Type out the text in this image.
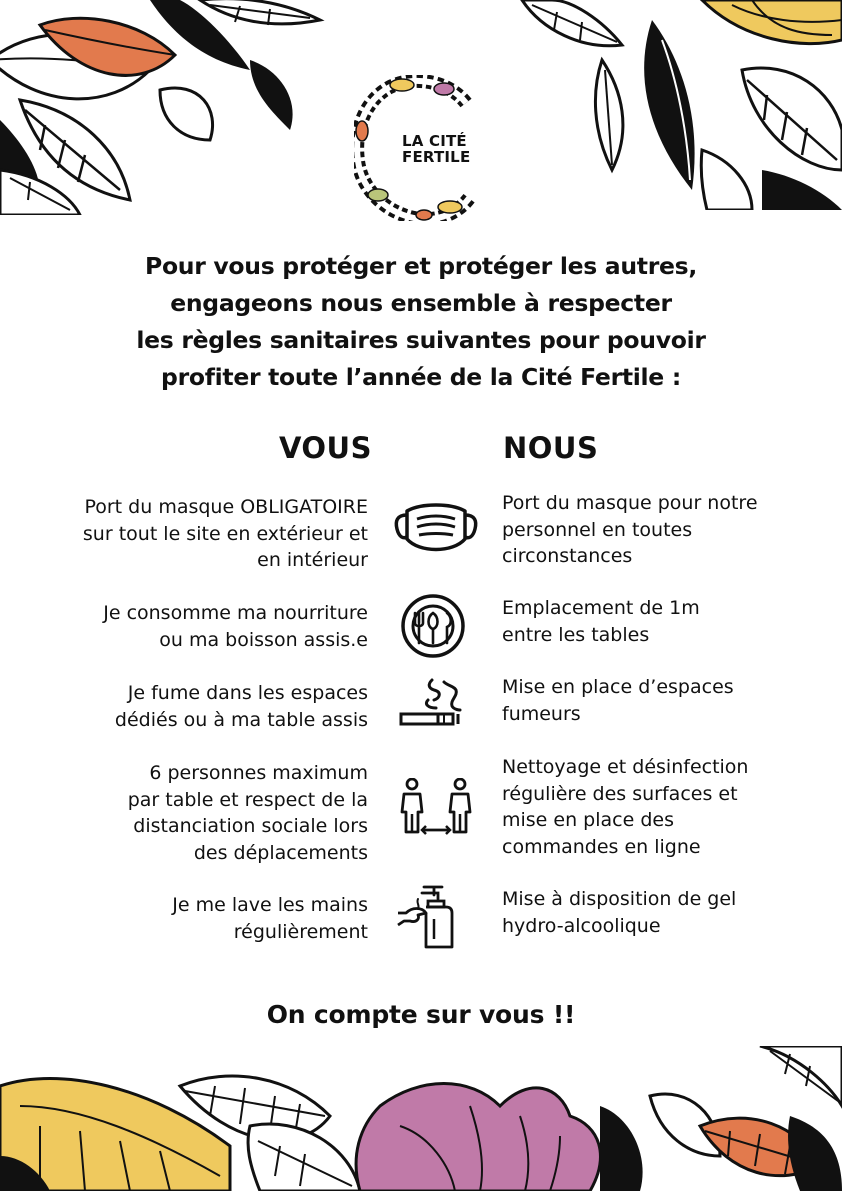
LA CITÉ
FERTILE
Pour vous protéger et protéger les autres,
engageons nous ensemble à respecter
les règles sanitaires suivantes pour pouvoir
profiter toute l’année de la Cité Fertile :
VOUS	NOUS
Port du masque OBLIGATOIRE
sur tout le site en extérieur et
en intérieur
Port du masque pour notre
personnel en toutes
circonstances
Je consomme ma nourriture
ou ma boisson assis.e
Emplacement de 1m
entre les tables
Je fume dans les espaces
dédiés ou à ma table assis
Mise en place d’espaces
fumeurs
6 personnes maximum
par table et respect de la
distanciation sociale lors
des déplacements
Nettoyage et désinfection
régulière des surfaces et
mise en place des
commandes en ligne
Je me lave les mains
régulièrement
Mise à disposition de gel
hydro-alcoolique
On compte sur vous !!
